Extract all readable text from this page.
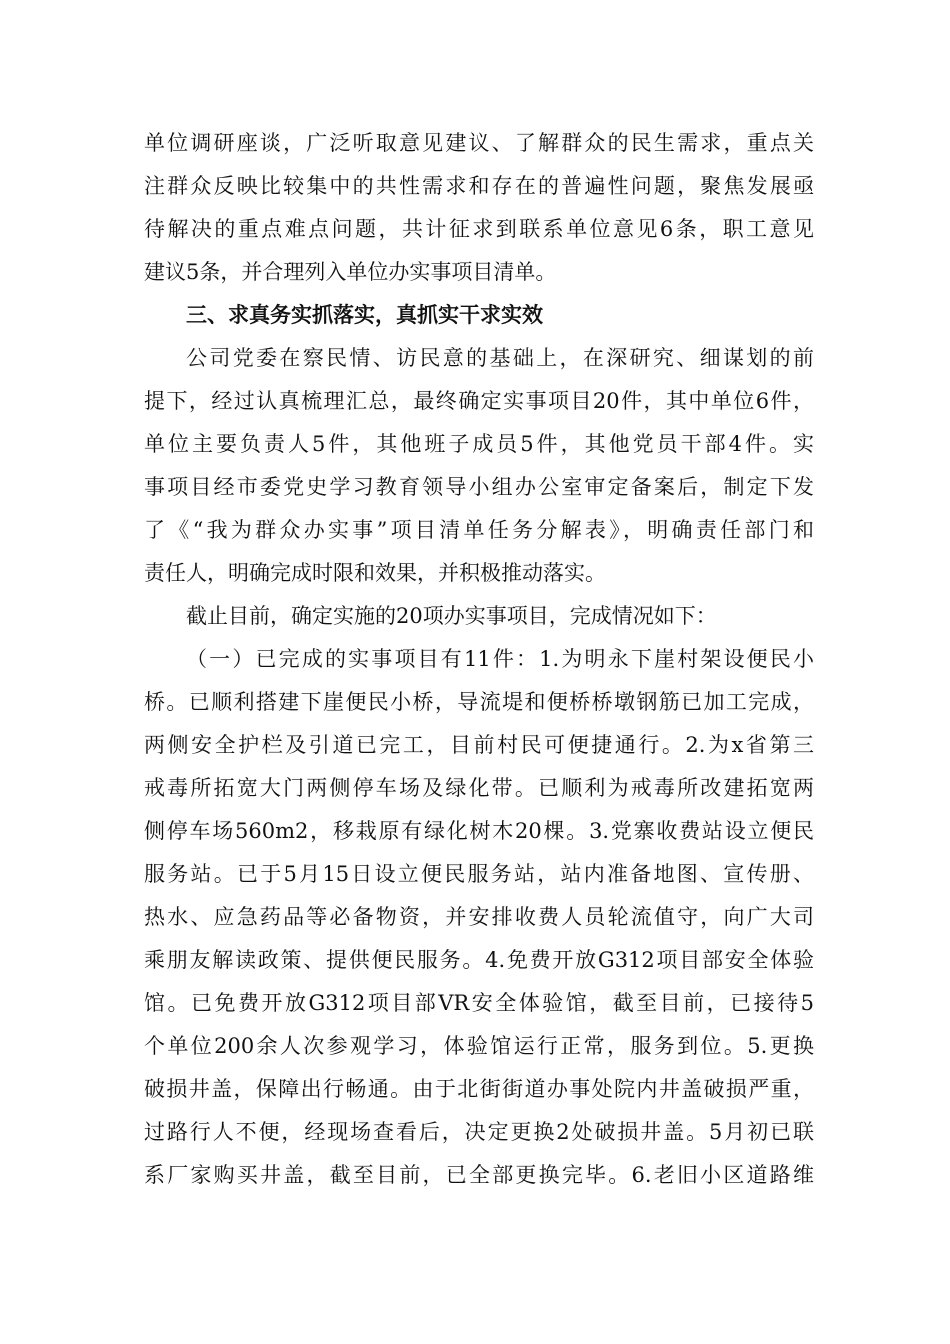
单位调研座谈，广泛听取意见建议、了解群众的民生需求，重点关
注群众反映比较集中的共性需求和存在的普遍性问题，聚焦发展亟
待解决的重点难点问题，共计征求到联系单位意见6条，职工意见
建议5条，并合理列入单位办实事项目清单。
三、求真务实抓落实，真抓实干求实效
公司党委在察民情、访民意的基础上，在深研究、细谋划的前
提下，经过认真梳理汇总，最终确定实事项目20件，其中单位6件，
单位主要负责人5件，其他班子成员5件，其他党员干部4件。实
事项目经市委党史学习教育领导小组办公室审定备案后，制定下发
了《“我为群众办实事”项目清单任务分解表》，明确责任部门和
责任人，明确完成时限和效果，并积极推动落实。
截止目前，确定实施的20项办实事项目，完成情况如下：
（一）已完成的实事项目有11件：1.为明永下崖村架设便民小
桥。已顺利搭建下崖便民小桥，导流堤和便桥桥墩钢筋已加工完成，
两侧安全护栏及引道已完工，目前村民可便捷通行。2.为x省第三
戒毒所拓宽大门两侧停车场及绿化带。已顺利为戒毒所改建拓宽两
侧停车场560m2，移栽原有绿化树木20棵。3.党寨收费站设立便民
服务站。已于5月15日设立便民服务站，站内准备地图、宣传册、
热水、应急药品等必备物资，并安排收费人员轮流值守，向广大司
乘朋友解读政策、提供便民服务。4.免费开放G312项目部安全体验
馆。已免费开放G312项目部VR安全体验馆，截至目前，已接待5
个单位200余人次参观学习，体验馆运行正常，服务到位。5.更换
破损井盖，保障出行畅通。由于北街街道办事处院内井盖破损严重，
过路行人不便，经现场查看后，决定更换2处破损井盖。5月初已联
系厂家购买井盖，截至目前，已全部更换完毕。6.老旧小区道路维
